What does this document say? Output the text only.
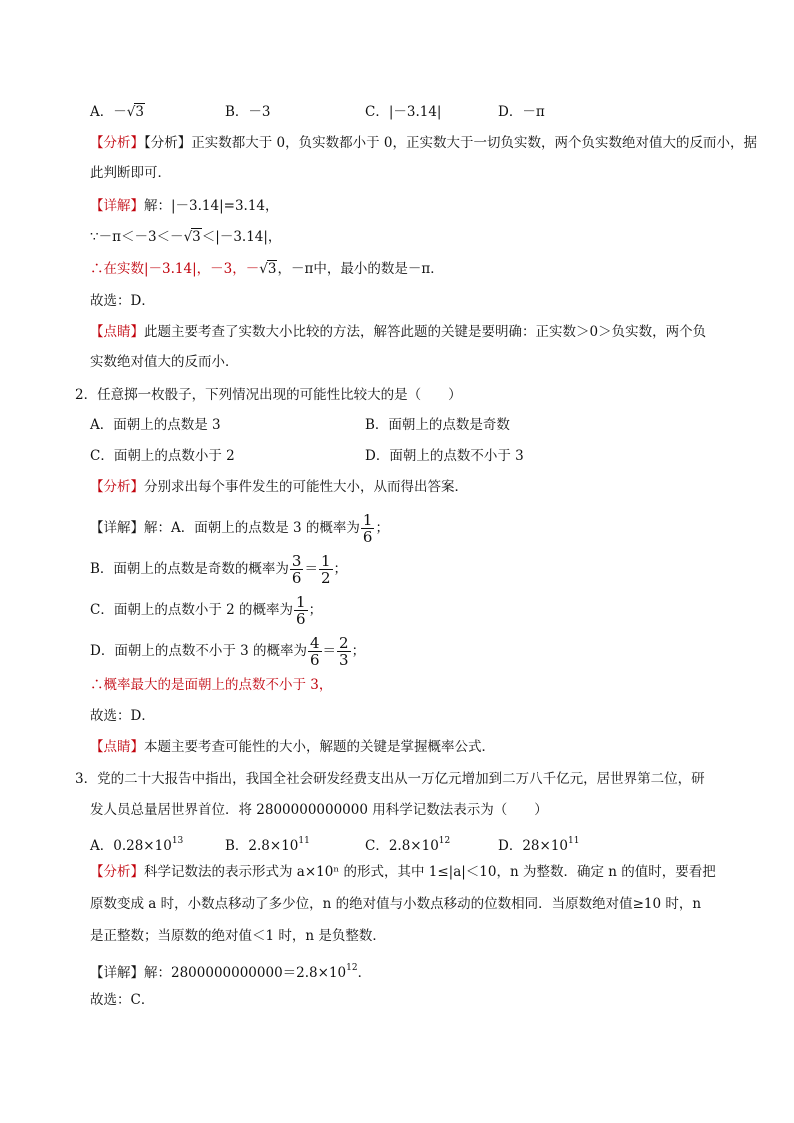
A．－√3	B．－3	C．|－3.14|	D．－π
【分析】【分析】正实数都大于 0，负实数都小于 0，正实数大于一切负实数，两个负实数绝对值大的反而小，据
此判断即可．
【详解】解：|－3.14|=3.14，
∵－π＜－3＜－√3＜|－3.14|，
∴在实数|－3.14|，－3，－√3，－π中，最小的数是－π．
故选：D．
【点睛】此题主要考查了实数大小比较的方法，解答此题的关键是要明确：正实数＞0＞负实数，两个负
实数绝对值大的反而小．
2．任意掷一枚骰子，下列情况出现的可能性比较大的是（　　）
A．面朝上的点数是 3	B．面朝上的点数是奇数
C．面朝上的点数小于 2	D．面朝上的点数不小于 3
【分析】分别求出每个事件发生的可能性大小，从而得出答案．
【详解】解：A．面朝上的点数是 3 的概率为 $\frac{1}{6}$ ；
B．面朝上的点数是奇数的概率为 $\frac{3}{6} = \frac{1}{2}$ ；
C．面朝上的点数小于 2 的概率为 $\frac{1}{6}$ ；
D．面朝上的点数不小于 3 的概率为 $\frac{4}{6} = \frac{2}{3}$ ；
∴概率最大的是面朝上的点数不小于 3，
故选：D．
【点睛】本题主要考查可能性的大小，解题的关键是掌握概率公式．
3．党的二十大报告中指出，我国全社会研发经费支出从一万亿元增加到二万八千亿元，居世界第二位，研
发人员总量居世界首位．将 2800000000000 用科学记数法表示为（　　）
A．$0.28\times 10^{13}$	B．$2.8\times 10^{11}$	C．$2.8\times 10^{12}$	D．$28\times 10^{11}$
【分析】科学记数法的表示形式为 a×10ⁿ 的形式，其中 1≤|a|＜10，n 为整数．确定 n 的值时，要看把
原数变成 a 时，小数点移动了多少位，n 的绝对值与小数点移动的位数相同．当原数绝对值≥10 时，n
是正整数；当原数的绝对值＜1 时，n 是负整数．
【详解】解：$2800000000000=2.8\times 10^{12}$．
故选：C．
